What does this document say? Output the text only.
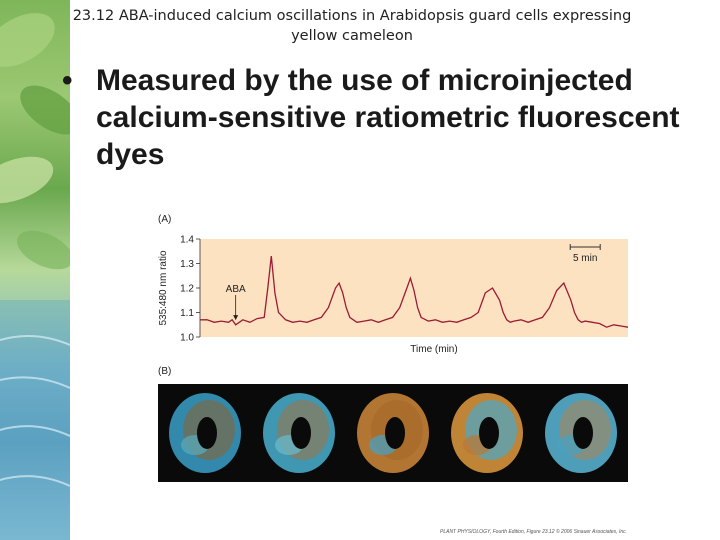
23.12 ABA-induced calcium oscillations in Arabidopsis guard cells expressing yellow cameleon
• Measured by the use of microinjected calcium-sensitive ratiometric fluorescent dyes
(A)
(B)
1.4
1.3
1.2
1.1
1.0
535:480 nm ratio
Time (min)
5 min
ABA
PLANT PHYSIOLOGY, Fourth Edition, Figure 23.12 © 2006 Sinauer Associates, Inc.
